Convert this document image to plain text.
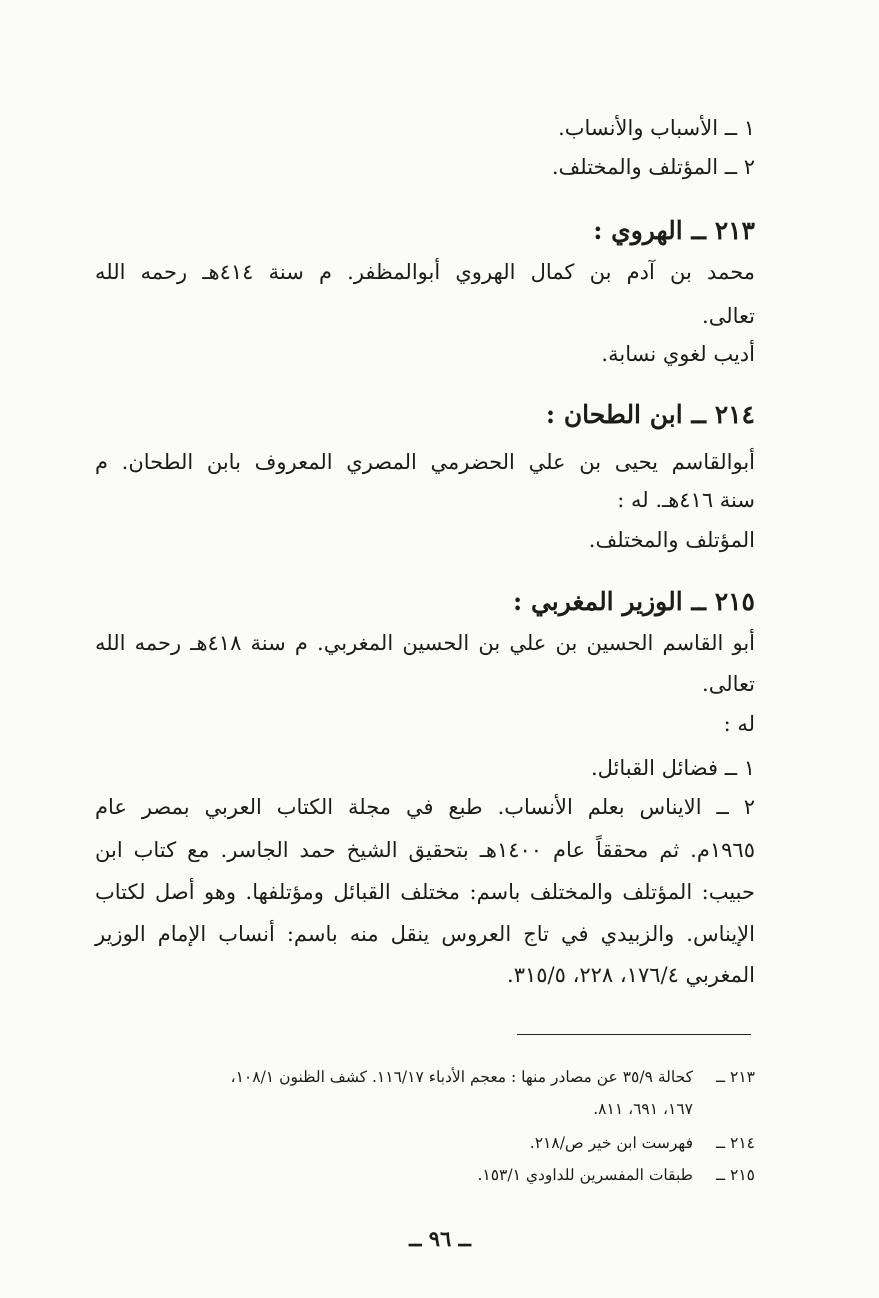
١ ــ الأسباب والأنساب.
٢ ــ المؤتلف والمختلف.
٢١٣ ــ الهروي :
محمد بن آدم بن كمال الهروي أبوالمظفر. م سنة ٤١٤هـ رحمه الله
تعالى.
أديب لغوي نسابة.
٢١٤ ــ ابن الطحان :
أبوالقاسم يحيى بن علي الحضرمي المصري المعروف بابن الطحان. م
سنة ٤١٦هـ. له :
المؤتلف والمختلف.
٢١٥ ــ الوزير المغربي :
أبو القاسم الحسين بن علي بن الحسين المغربي. م سنة ٤١٨هـ رحمه الله
تعالى.
له :
١ ــ فضائل القبائل.
٢ ــ الايناس بعلم الأنساب. طبع في مجلة الكتاب العربي بمصر عام
١٩٦٥م. ثم محققاً عام ١٤٠٠هـ بتحقيق الشيخ حمد الجاسر. مع كتاب ابن
حبيب: المؤتلف والمختلف باسم: مختلف القبائل ومؤتلفها. وهو أصل لكتاب
الإيناس. والزبيدي في تاج العروس ينقل منه باسم: أنساب الإمام الوزير
المغربي ١٧٦/٤، ٢٢٨، ٣١٥/٥.
٢١٣ ــكحالة ٣٥/٩ عن مصادر منها : معجم الأدباء ١١٦/١٧. كشف الظنون ١٠٨/١،
١٦٧، ٦٩١، ٨١١.
٢١٤ ــفهرست ابن خير ص/٢١٨.
٢١٥ ــطبقات المفسرين للداودي ١٥٣/١.
ــ ٩٦ ــ
